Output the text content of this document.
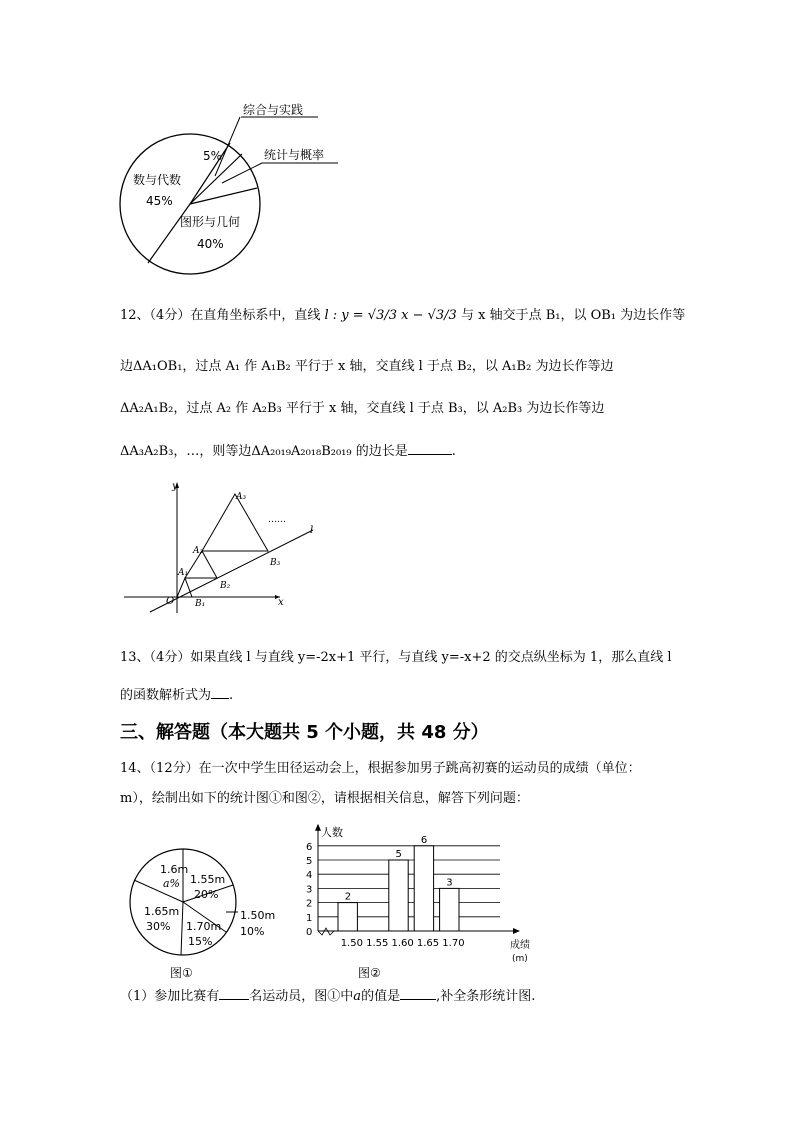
综合与实践
统计与概率
5%
数与代数
45%
图形与几何
40%
12、（4分）在直角坐标系中，直线 l : y = √3/3 x − √3/3 与 x 轴交于点 B₁，以 OB₁ 为边长作等
边ΔA₁OB₁，过点 A₁ 作 A₁B₂ 平行于 x 轴，交直线 l 于点 B₂，以 A₁B₂ 为边长作等边
ΔA₂A₁B₂，过点 A₂ 作 A₂B₃ 平行于 x 轴，交直线 l 于点 B₃，以 A₂B₃ 为边长作等边
ΔA₃A₂B₃，…，则等边ΔA₂₀₁₉A₂₀₁₈B₂₀₁₉ 的边长是	.
y
x
O
l
A₁
A₂
A₃
B₁
B₂
B₃
……
13、（4分）如果直线 l 与直线 y=-2x+1 平行，与直线 y=-x+2 的交点纵坐标为 1，那么直线 l
的函数解析式为 .
三、解答题（本大题共 5 个小题，共 48 分）
14、（12分）在一次中学生田径运动会上，根据参加男子跳高初赛的运动员的成绩（单位：
m），绘制出如下的统计图①和图②，请根据相关信息，解答下列问题：
1.6m
a% 1.55m
20%
1.65m
30% 1.70m
15%
1.50m
10%
图①
0
1
2
3
4
5
6
1.50
2
1.55 1.60
5
1.65
6
1.70
3
人数
成绩
(m)
图②
（1）参加比赛有 名运动员，图①中a的值是	,补全条形统计图.
